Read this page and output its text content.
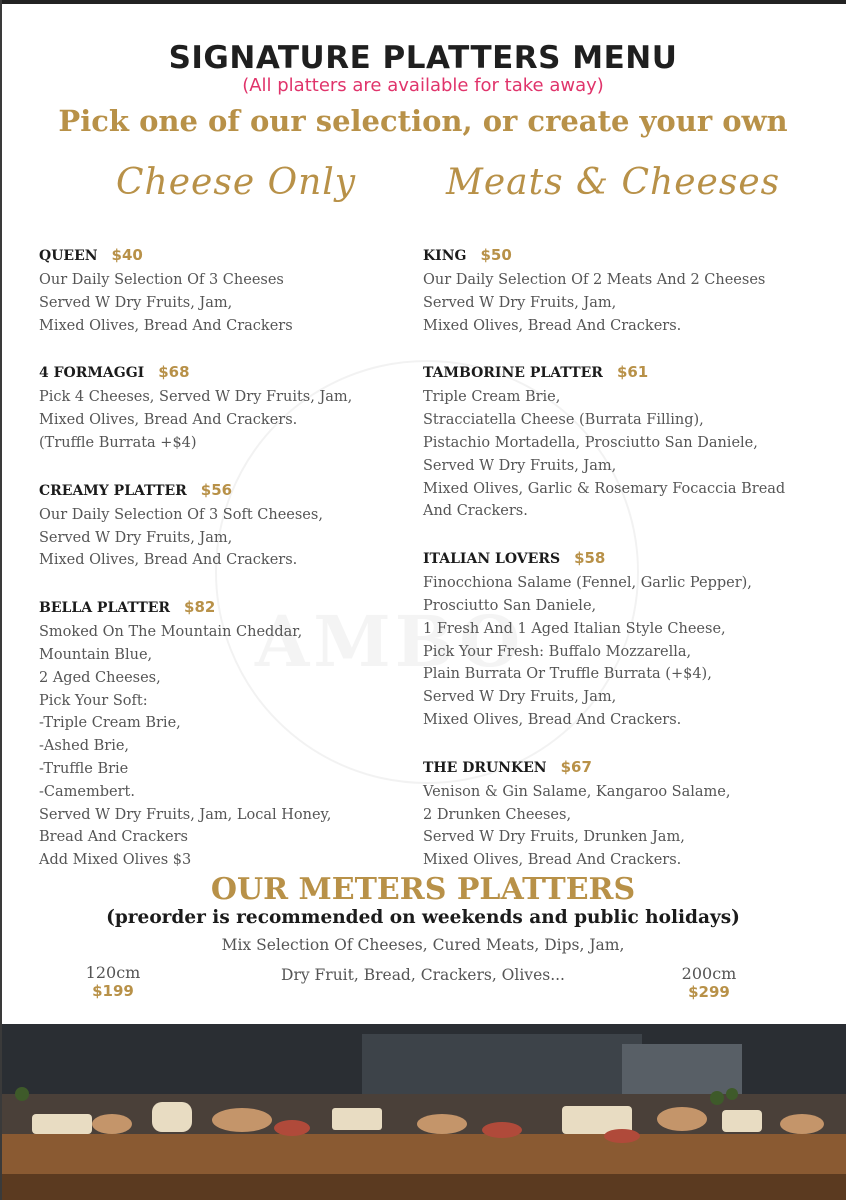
SIGNATURE PLATTERS MENU
(All platters are available for take away)
Pick one of our selection, or create your own
Cheese Only Meats & Cheeses
QUEEN $40
Our Daily Selection Of 3 Cheeses
Served W Dry Fruits, Jam,
Mixed Olives, Bread And Crackers
4 FORMAGGI $68
Pick 4 Cheeses, Served W Dry Fruits, Jam,
Mixed Olives, Bread And Crackers.
(Truffle Burrata +$4)
CREAMY PLATTER $56
Our Daily Selection Of 3 Soft Cheeses,
Served W Dry Fruits, Jam,
Mixed Olives, Bread And Crackers.
BELLA PLATTER $82
Smoked On The Mountain Cheddar,
Mountain Blue,
2 Aged Cheeses,
Pick Your Soft:
-Triple Cream Brie,
-Ashed Brie,
-Truffle Brie
-Camembert.
Served W Dry Fruits, Jam, Local Honey,
Bread And Crackers
Add Mixed Olives $3
KING $50
Our Daily Selection Of 2 Meats And 2 Cheeses
Served W Dry Fruits, Jam,
Mixed Olives, Bread And Crackers.
TAMBORINE PLATTER $61
Triple Cream Brie,
Stracciatella Cheese (Burrata Filling),
Pistachio Mortadella, Prosciutto San Daniele,
Served W Dry Fruits, Jam,
Mixed Olives, Garlic & Rosemary Focaccia Bread
And Crackers.
ITALIAN LOVERS $58
Finocchiona Salame (Fennel, Garlic Pepper),
Prosciutto San Daniele,
1 Fresh And 1 Aged Italian Style Cheese,
Pick Your Fresh: Buffalo Mozzarella,
Plain Burrata Or Truffle Burrata (+$4),
Served W Dry Fruits, Jam,
Mixed Olives, Bread And Crackers.
THE DRUNKEN $67
Venison & Gin Salame, Kangaroo Salame,
2 Drunken Cheeses,
Served W Dry Fruits, Drunken Jam,
Mixed Olives, Bread And Crackers.
OUR METERS PLATTERS
(preorder is recommended on weekends and public holidays)
Mix Selection Of Cheeses, Cured Meats, Dips, Jam,
Dry Fruit, Bread, Crackers, Olives...
120cm
$199
200cm
$299
